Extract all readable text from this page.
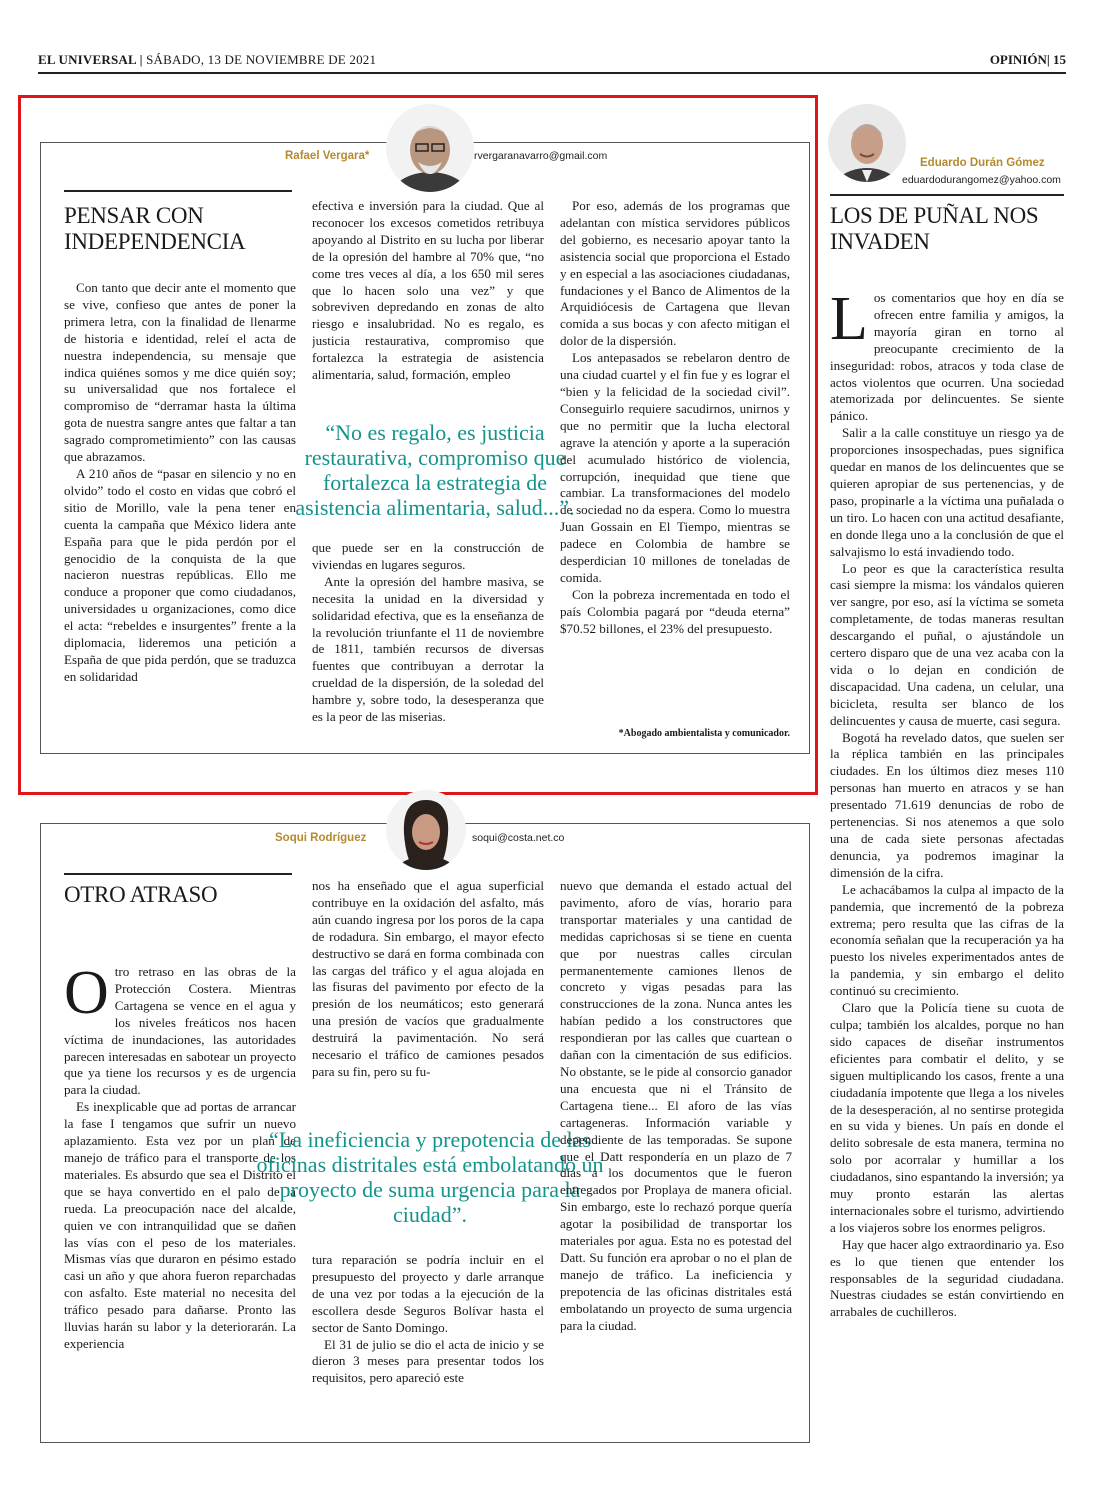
EL UNIVERSAL | SÁBADO, 13 DE NOVIEMBRE DE 2021	OPINIÓN| 15
Rafael Vergara*	rvergaranavarro@gmail.com
PENSAR CON INDEPENDENCIA

Con tanto que decir ante el momento que se vive, confieso que antes de poner la primera letra, con la finalidad de llenarme de historia e identidad, releí el acta de nuestra independencia, su mensaje que indica quiénes somos y me dice quién soy; su universalidad que nos fortalece el compromiso de “derramar hasta la última gota de nuestra sangre antes que faltar a tan sagrado comprometimiento” con las causas que abrazamos.

A 210 años de “pasar en silencio y no en olvido” todo el costo en vidas que cobró el sitio de Morillo, vale la pena tener en cuenta la campaña que México lidera ante España para que le pida perdón por el genocidio de la conquista de la que nacieron nuestras repúblicas. Ello me conduce a proponer que como ciudadanos, universidades u organizaciones, como dice el acta: “rebeldes e insurgentes” frente a la diplomacia, lideremos una petición a España de que pida perdón, que se traduzca en solidaridad

efectiva e inversión para la ciudad. Que al reconocer los excesos cometidos retribuya apoyando al Distrito en su lucha por liberar de la opresión del hambre al 70% que, “no come tres veces al día, a los 650 mil seres que lo hacen solo una vez” y que sobreviven depredando en zonas de alto riesgo e insalubridad. No es regalo, es justicia restaurativa, compromiso que fortalezca la estrategia de asistencia alimentaria, salud, formación, empleo

“No es regalo, es justicia restaurativa, compromiso que fortalezca la estrategia de asistencia alimentaria, salud...”.

que puede ser en la construcción de viviendas en lugares seguros.

Ante la opresión del hambre masiva, se necesita la unidad en la diversidad y solidaridad efectiva, que es la enseñanza de la revolución triunfante el 11 de noviembre de 1811, también recursos de diversas fuentes que contribuyan a derrotar la crueldad de la dispersión, de la soledad del hambre y, sobre todo, la desesperanza que es la peor de las miserias.

Por eso, además de los programas que adelantan con mística servidores públicos del gobierno, es necesario apoyar tanto la asistencia social que proporciona el Estado y en especial a las asociaciones ciudadanas, fundaciones y el Banco de Alimentos de la Arquidiócesis de Cartagena que llevan comida a sus bocas y con afecto mitigan el dolor de la dispersión.

Los antepasados se rebelaron dentro de una ciudad cuartel y el fin fue y es lograr el “bien y la felicidad de la sociedad civil”. Conseguirlo requiere sacudirnos, unirnos y que no permitir que la lucha electoral agrave la atención y aporte a la superación del acumulado histórico de violencia, corrupción, inequidad que tiene que cambiar. La transformaciones del modelo de sociedad no da espera. Como lo muestra Juan Gossain en El Tiempo, mientras se padece en Colombia de hambre se desperdician 10 millones de toneladas de comida.

Con la pobreza incrementada en todo el país Colombia pagará por “deuda eterna” $70.52 billones, el 23% del presupuesto.

*Abogado ambientalista y comunicador.
Soqui Rodríguez	soqui@costa.net.co
OTRO ATRASO
O tro retraso en las obras de la Protección Costera. Mientras Cartagena se vence en el agua y los niveles freáticos nos hacen víctima de inundaciones, las autoridades parecen interesadas en sabotear un proyecto que ya tiene los recursos y es de urgencia para la ciudad.

Es inexplicable que ad portas de arrancar la fase I tengamos que sufrir un nuevo aplazamiento. Esta vez por un plan de manejo de tráfico para el transporte de los materiales. Es absurdo que sea el Distrito el que se haya convertido en el palo de la rueda. La preocupación nace del alcalde, quien ve con intranquilidad que se dañen las vías con el peso de los materiales. Mismas vías que duraron en pésimo estado casi un año y que ahora fueron reparchadas con asfalto. Este material no necesita del tráfico pesado para dañarse. Pronto las lluvias harán su labor y la deteriorarán. La experiencia

nos ha enseñado que el agua superficial contribuye en la oxidación del asfalto, más aún cuando ingresa por los poros de la capa de rodadura. Sin embargo, el mayor efecto destructivo se dará en forma combinada con las cargas del tráfico y el agua alojada en las fisuras del pavimento por efecto de la presión de los neumáticos; esto generará una presión de vacíos que gradualmente destruirá la pavimentación. No será necesario el tráfico de camiones pesados para su fin, pero su fu-

“La ineficiencia y prepotencia de las oficinas distritales está embolatando un proyecto de suma urgencia para la ciudad”.

tura reparación se podría incluir en el presupuesto del proyecto y darle arranque de una vez por todas a la ejecución de la escollera desde Seguros Bolívar hasta el sector de Santo Domingo.

El 31 de julio se dio el acta de inicio y se dieron 3 meses para presentar todos los requisitos, pero apareció este

nuevo que demanda el estado actual del pavimento, aforo de vías, horario para transportar materiales y una cantidad de medidas caprichosas si se tiene en cuenta que por nuestras calles circulan permanentemente camiones llenos de concreto y vigas pesadas para las construcciones de la zona. Nunca antes les habían pedido a los constructores que respondieran por las calles que cuartean o dañan con la cimentación de sus edificios. No obstante, se le pide al consorcio ganador una encuesta que ni el Tránsito de Cartagena tiene... El aforo de las vías cartageneras. Información variable y dependiente de las temporadas. Se supone que el Datt respondería en un plazo de 7 días a los documentos que le fueron entregados por Proplaya de manera oficial. Sin embargo, este lo rechazó porque quería agotar la posibilidad de transportar los materiales por agua. Esta no es potestad del Datt. Su función era aprobar o no el plan de manejo de tráfico. La ineficiencia y prepotencia de las oficinas distritales está embolatando un proyecto de suma urgencia para la ciudad.

Eduardo Durán Gómez
eduardodurangomez@yahoo.com
LOS DE PUÑAL NOS INVADEN
L os comentarios que hoy en día se ofrecen entre familia y amigos, la mayoría giran en torno al preocupante crecimiento de la inseguridad: robos, atracos y toda clase de actos violentos que ocurren. Una sociedad atemorizada por delincuentes. Se siente pánico.

Salir a la calle constituye un riesgo ya de proporciones insospechadas, pues significa quedar en manos de los delincuentes que se quieren apropiar de sus pertenencias, y de paso, propinarle a la víctima una puñalada o un tiro. Lo hacen con una actitud desafiante, en donde llega uno a la conclusión de que el salvajismo lo está invadiendo todo.

Lo peor es que la característica resulta casi siempre la misma: los vándalos quieren ver sangre, por eso, así la víctima se someta completamente, de todas maneras resultan descargando el puñal, o ajustándole un certero disparo que de una vez acaba con la vida o lo dejan en condición de discapacidad. Una cadena, un celular, una bicicleta, resulta ser blanco de los delincuentes y causa de muerte, casi segura.

Bogotá ha revelado datos, que suelen ser la réplica también en las principales ciudades. En los últimos diez meses 110 personas han muerto en atracos y se han presentado 71.619 denuncias de robo de pertenencias. Si nos atenemos a que solo una de cada siete personas afectadas denuncia, ya podremos imaginar la dimensión de la cifra.

Le achacábamos la culpa al impacto de la pandemia, que incrementó de la pobreza extrema; pero resulta que las cifras de la economía señalan que la recuperación ya ha puesto los niveles experimentados antes de la pandemia, y sin embargo el delito continuó su crecimiento.

Claro que la Policía tiene su cuota de culpa; también los alcaldes, porque no han sido capaces de diseñar instrumentos eficientes para combatir el delito, y se siguen multiplicando los casos, frente a una ciudadanía impotente que llega a los niveles de la desesperación, al no sentirse protegida en su vida y bienes. Un país en donde el delito sobresale de esta manera, termina no solo por acorralar y humillar a los ciudadanos, sino espantando la inversión; ya muy pronto estarán las alertas internacionales sobre el turismo, advirtiendo a los viajeros sobre los enormes peligros.

Hay que hacer algo extraordinario ya. Eso es lo que tienen que entender los responsables de la seguridad ciudadana. Nuestras ciudades se están convirtiendo en arrabales de cuchilleros.
